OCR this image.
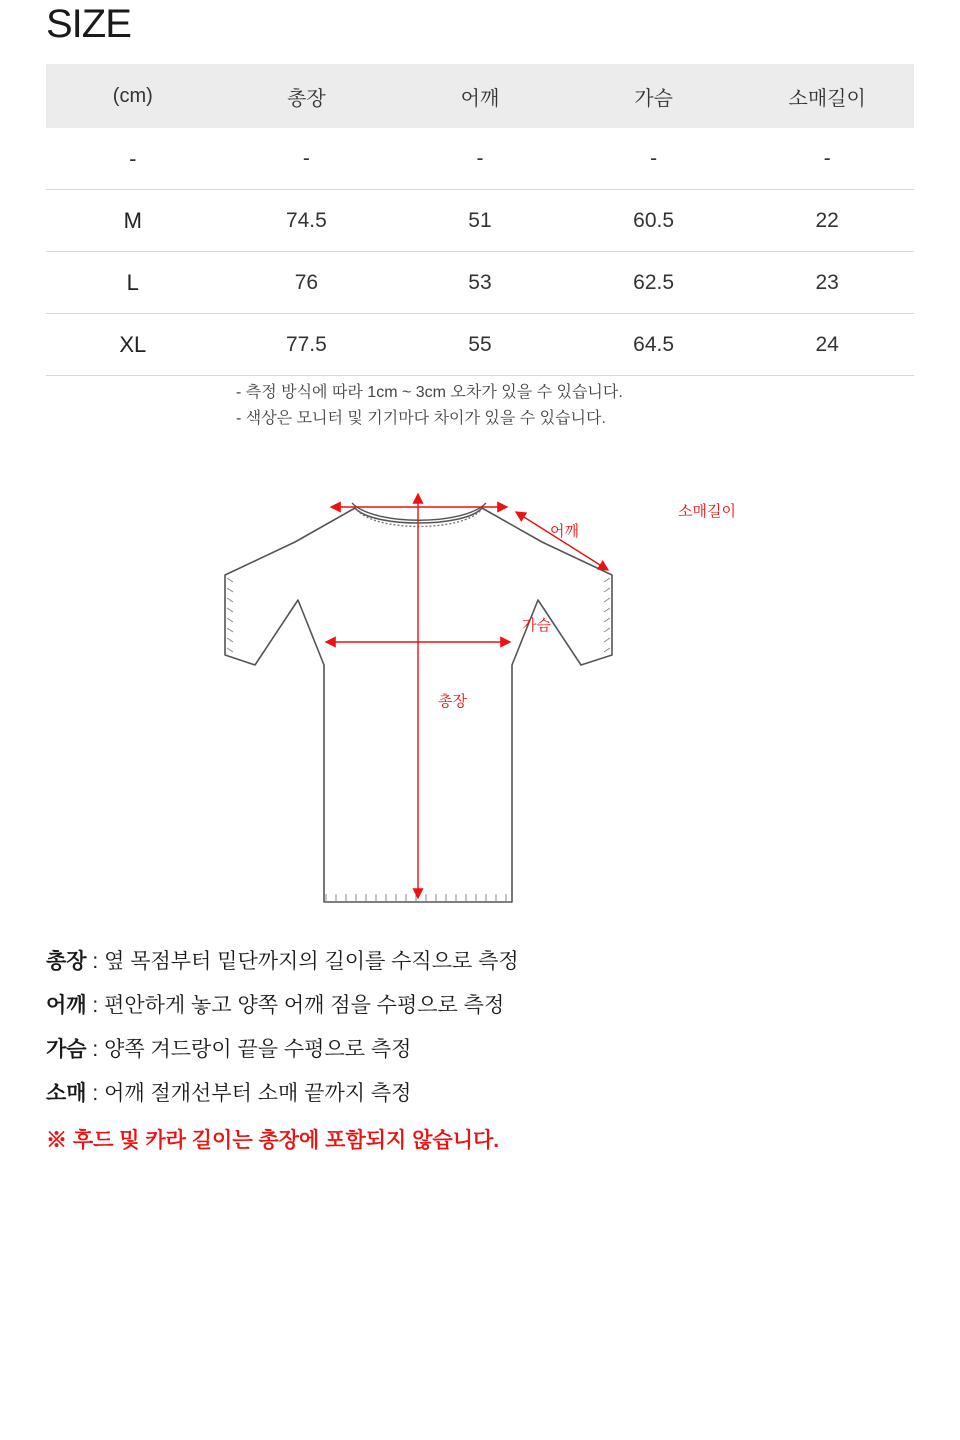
SIZE
(cm)	총장	어깨	가슴	소매길이
-	-	-	-	-
M	74.5	51	60.5	22
L	76	53	62.5	23
XL	77.5	55	64.5	24
- 측정 방식에 따라 1cm ~ 3cm 오차가 있을 수 있습니다.
- 색상은 모니터 및 기기마다 차이가 있을 수 있습니다.
소매길이
어깨
가슴
총장
총장 : 옆 목점부터 밑단까지의 길이를 수직으로 측정
어깨 : 편안하게 놓고 양쪽 어깨 점을 수평으로 측정
가슴 : 양쪽 겨드랑이 끝을 수평으로 측정
소매 : 어깨 절개선부터 소매 끝까지 측정
※ 후드 및 카라 길이는 총장에 포함되지 않습니다.
